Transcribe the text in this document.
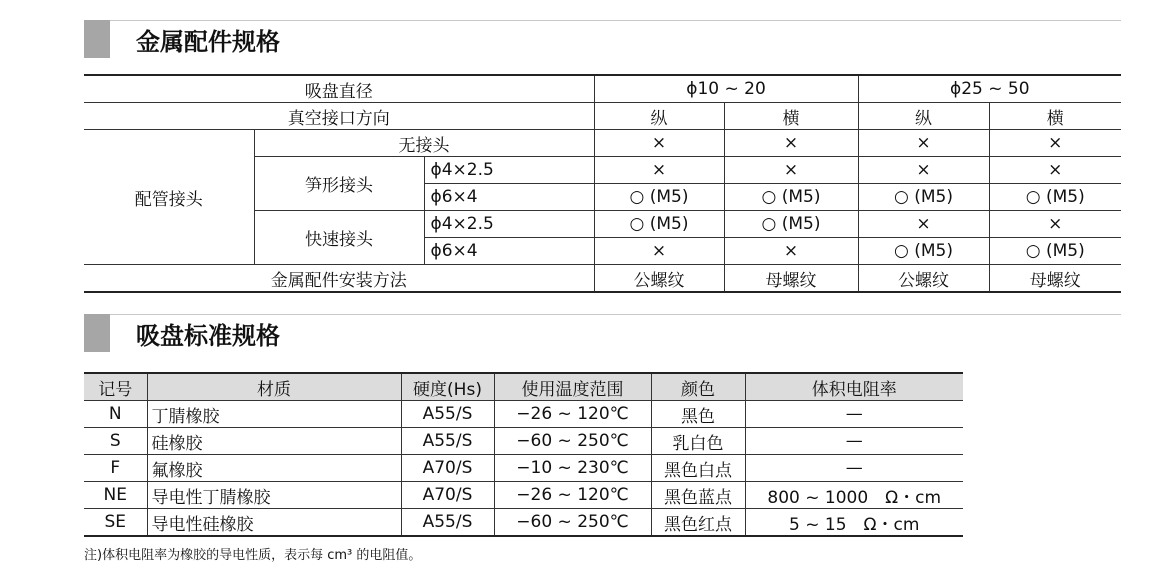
金属配件规格
吸盘直径			ϕ10 ~ 20		ϕ25 ~ 50	
真空接口方向			纵	横	纵	横
配管接头	无接头		×	×	×	×
	笋形接头	ϕ4×2.5	×	×	×	×
		ϕ6×4	○ (M5)	○ (M5)	○ (M5)	○ (M5)
	快速接头	ϕ4×2.5	○ (M5)	○ (M5)	×	×
		ϕ6×4	×	×	○ (M5)	○ (M5)
金属配件安装方法			公螺纹	母螺纹	公螺纹	母螺纹
吸盘标准规格
记号	材质	硬度(Hs)	使用温度范围	颜色	体积电阻率
N	丁腈橡胶	A55/S	−26 ~ 120℃	黑色	—
S	硅橡胶	A55/S	−60 ~ 250℃	乳白色	—
F	氟橡胶	A70/S	−10 ~ 230℃	黑色白点	—
NE	导电性丁腈橡胶	A70/S	−26 ~ 120℃	黑色蓝点	800 ~ 1000　Ω・cm
SE	导电性硅橡胶	A55/S	−60 ~ 250℃	黑色红点	5 ~ 15　Ω・cm
注)体积电阻率为橡胶的导电性质，表示每 cm³ 的电阻值。
